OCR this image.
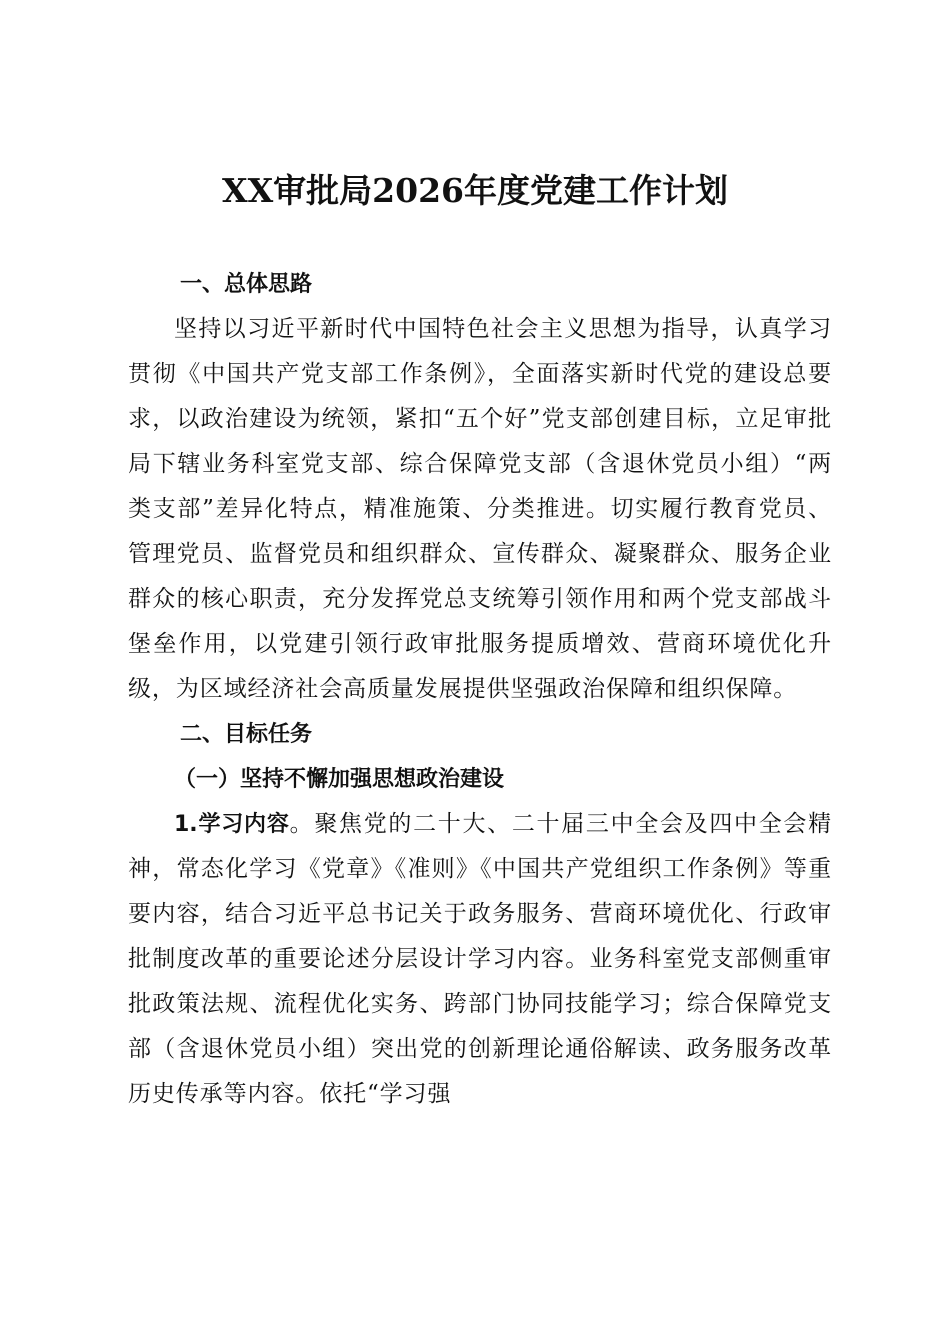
XX审批局2026年度党建工作计划

一、总体思路

坚持以习近平新时代中国特色社会主义思想为指导，认真学习贯彻《中国共产党支部工作条例》，全面落实新时代党的建设总要求，以政治建设为统领，紧扣“五个好”党支部创建目标，立足审批局下辖业务科室党支部、综合保障党支部（含退休党员小组）“两类支部”差异化特点，精准施策、分类推进。切实履行教育党员、管理党员、监督党员和组织群众、宣传群众、凝聚群众、服务企业群众的核心职责，充分发挥党总支统筹引领作用和两个党支部战斗堡垒作用，以党建引领行政审批服务提质增效、营商环境优化升级，为区域经济社会高质量发展提供坚强政治保障和组织保障。

二、目标任务

（一）坚持不懈加强思想政治建设

1.学习内容。聚焦党的二十大、二十届三中全会及四中全会精神，常态化学习《党章》《准则》《中国共产党组织工作条例》等重要内容，结合习近平总书记关于政务服务、营商环境优化、行政审批制度改革的重要论述分层设计学习内容。业务科室党支部侧重审批政策法规、流程优化实务、跨部门协同技能学习；综合保障党支部（含退休党员小组）突出党的创新理论通俗解读、政务服务改革历史传承等内容。依托“学习强
